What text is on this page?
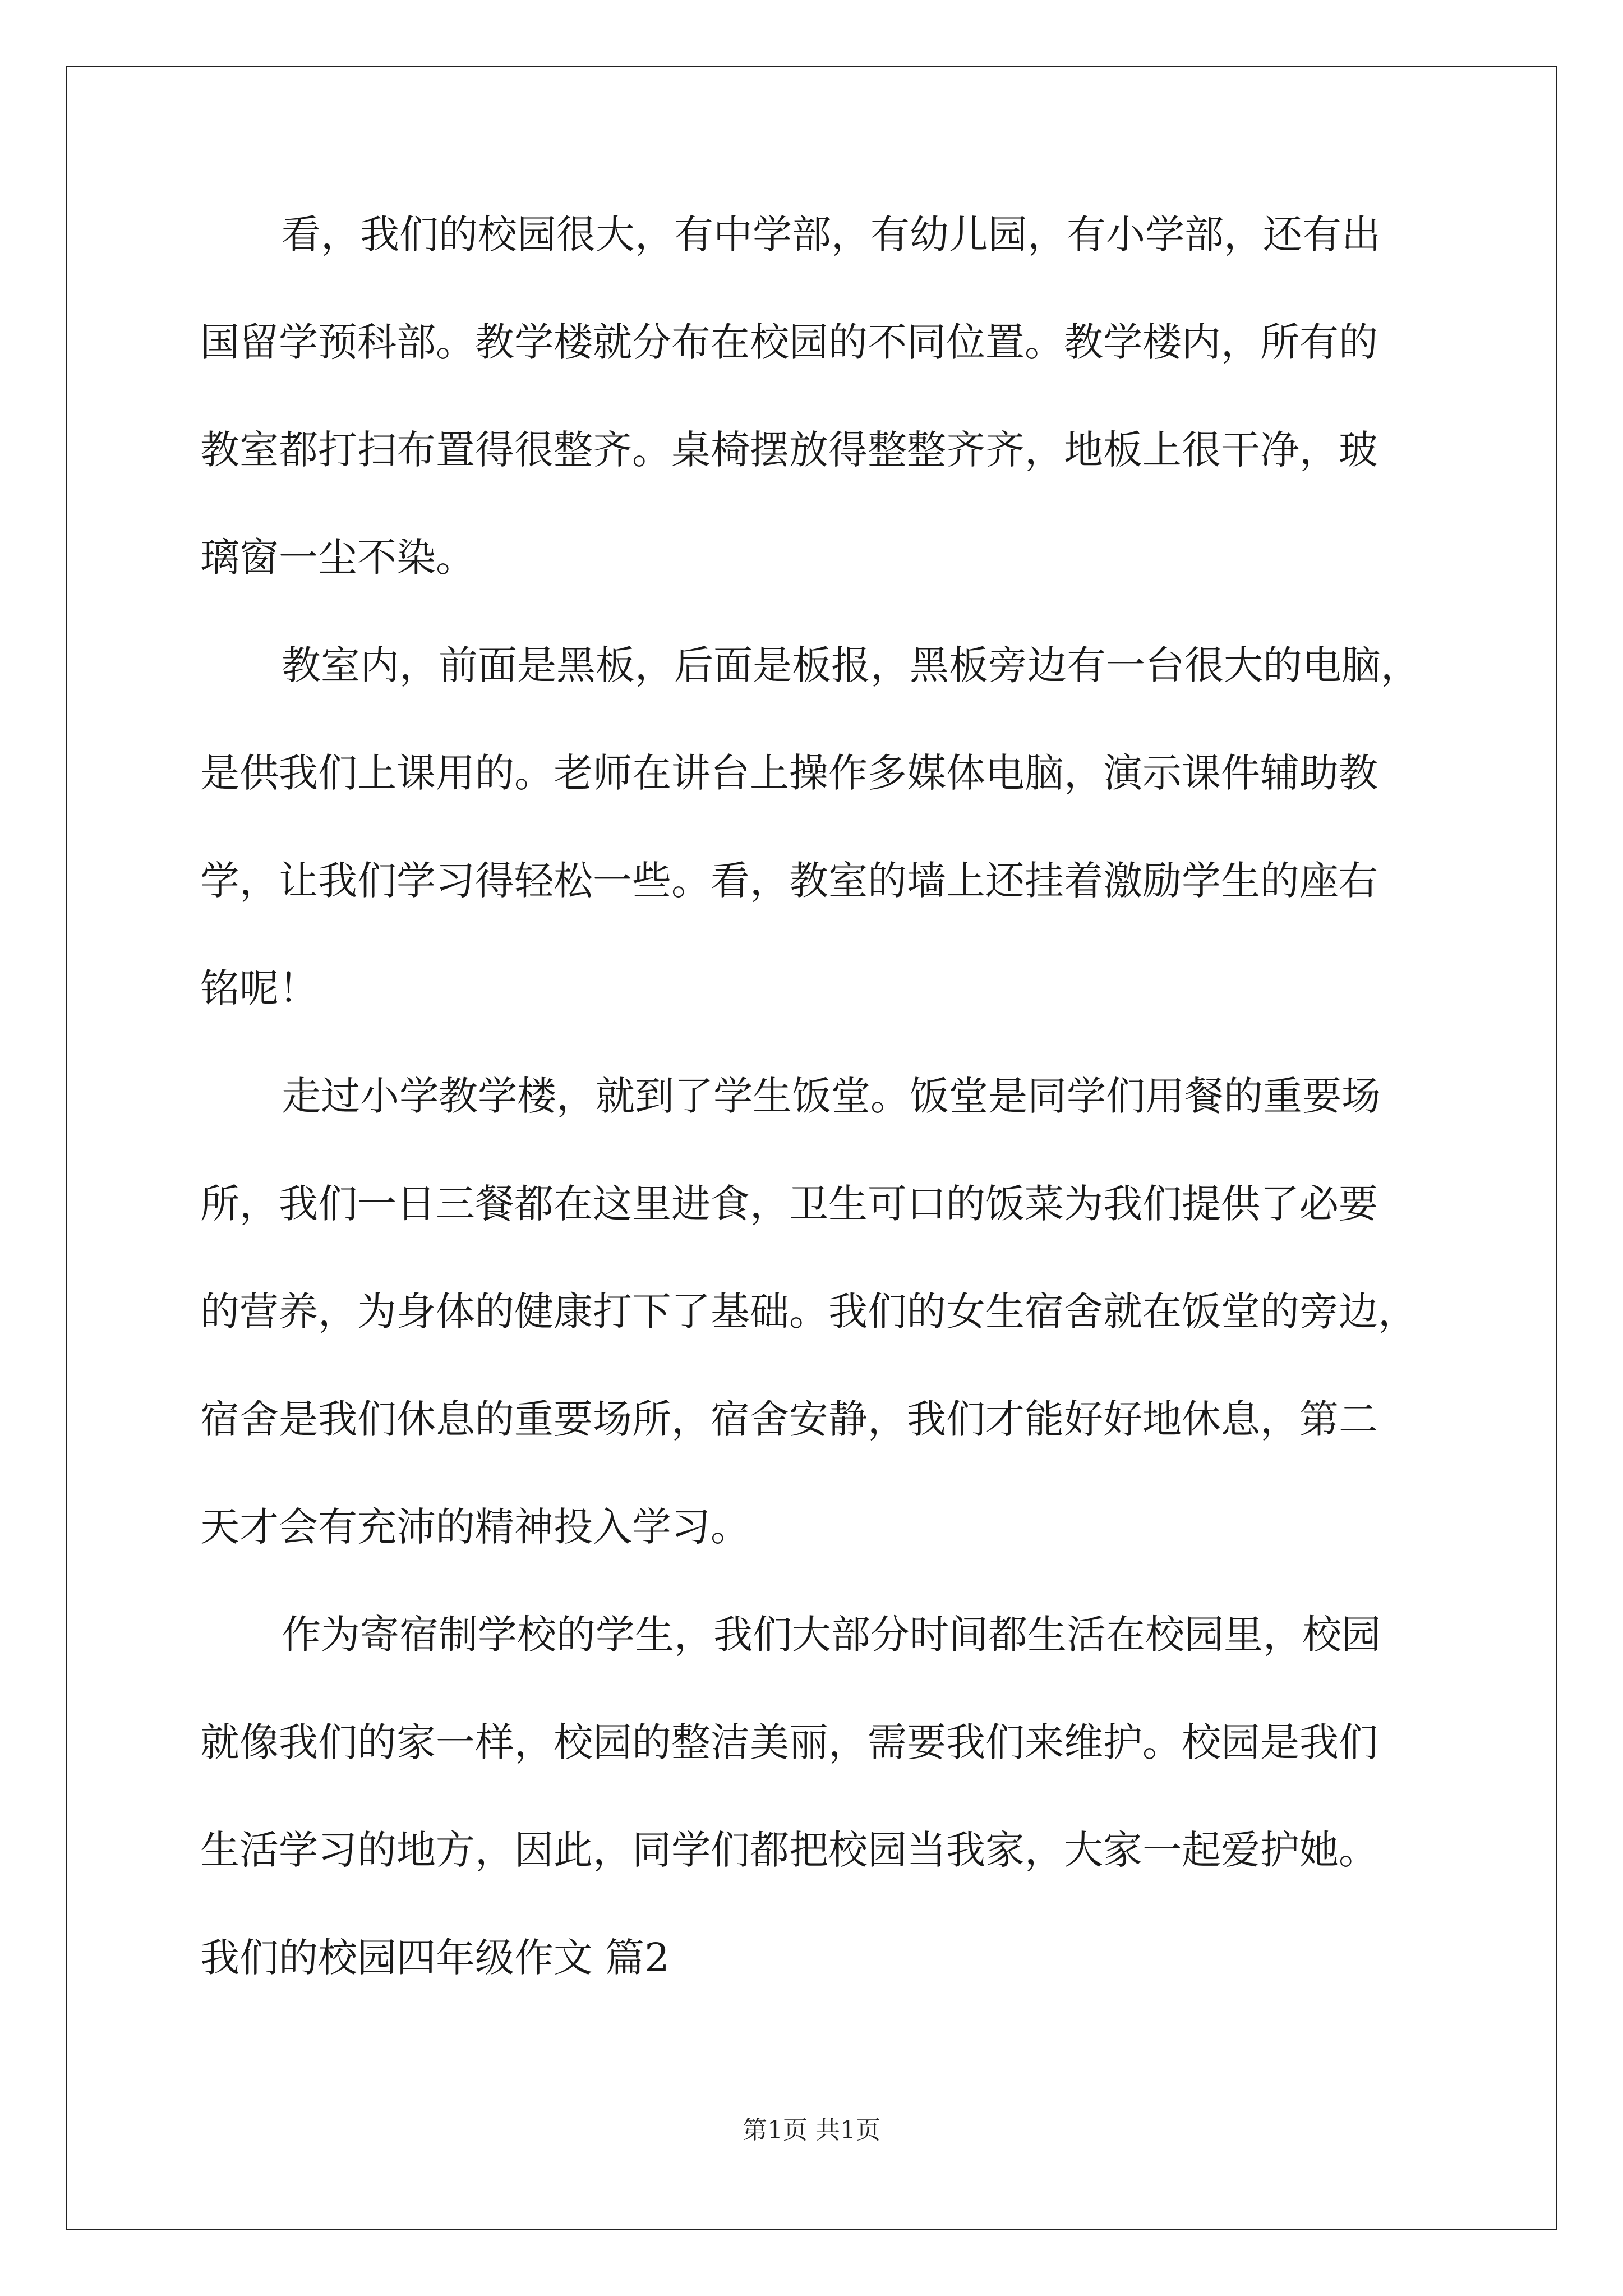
看，我们的校园很大，有中学部，有幼儿园，有小学部，还有出
国留学预科部。教学楼就分布在校园的不同位置。教学楼内，所有的
教室都打扫布置得很整齐。桌椅摆放得整整齐齐，地板上很干净，玻
璃窗一尘不染。
教室内，前面是黑板，后面是板报，黑板旁边有一台很大的电脑，
是供我们上课用的。老师在讲台上操作多媒体电脑，演示课件辅助教
学，让我们学习得轻松一些。看，教室的墙上还挂着激励学生的座右
铭呢！
走过小学教学楼，就到了学生饭堂。饭堂是同学们用餐的重要场
所，我们一日三餐都在这里进食，卫生可口的饭菜为我们提供了必要
的营养，为身体的健康打下了基础。我们的女生宿舍就在饭堂的旁边，
宿舍是我们休息的重要场所，宿舍安静，我们才能好好地休息，第二
天才会有充沛的精神投入学习。
作为寄宿制学校的学生，我们大部分时间都生活在校园里，校园
就像我们的家一样，校园的整洁美丽，需要我们来维护。校园是我们
生活学习的地方，因此，同学们都把校园当我家，大家一起爱护她。
我们的校园四年级作文 篇2
第1页 共1页
